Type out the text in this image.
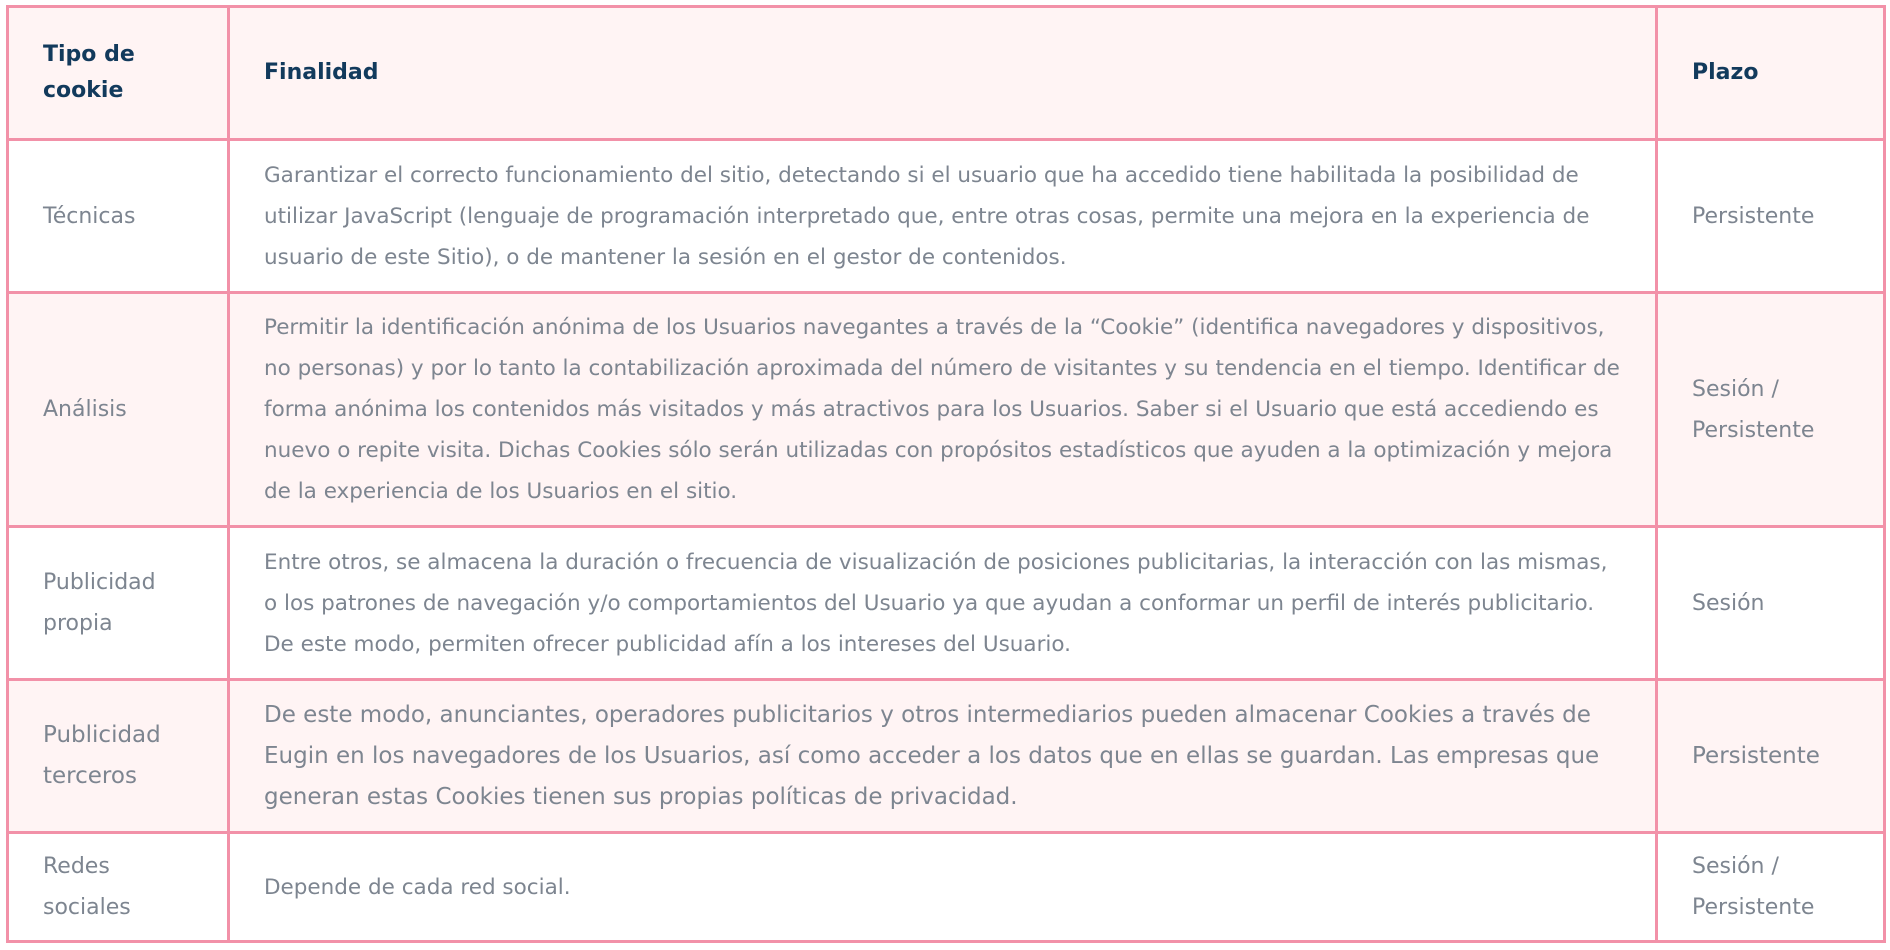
Tipo de cookie	Finalidad	Plazo
Técnicas	Garantizar el correcto funcionamiento del sitio, detectando si el usuario que ha accedido tiene habilitada la posibilidad de utilizar JavaScript (lenguaje de programación interpretado que, entre otras cosas, permite una mejora en la experiencia de usuario de este Sitio), o de mantener la sesión en el gestor de contenidos.	Persistente
Análisis	Permitir la identificación anónima de los Usuarios navegantes a través de la “Cookie” (identifica navegadores y dispositivos, no personas) y por lo tanto la contabilización aproximada del número de visitantes y su tendencia en el tiempo. Identificar de forma anónima los contenidos más visitados y más atractivos para los Usuarios. Saber si el Usuario que está accediendo es nuevo o repite visita. Dichas Cookies sólo serán utilizadas con propósitos estadísticos que ayuden a la optimización y mejora de la experiencia de los Usuarios en el sitio.	Sesión / Persistente
Publicidad propia	Entre otros, se almacena la duración o frecuencia de visualización de posiciones publicitarias, la interacción con las mismas, o los patrones de navegación y/o comportamientos del Usuario ya que ayudan a conformar un perfil de interés publicitario. De este modo, permiten ofrecer publicidad afín a los intereses del Usuario.	Sesión
Publicidad terceros	De este modo, anunciantes, operadores publicitarios y otros intermediarios pueden almacenar Cookies a través de Eugin en los navegadores de los Usuarios, así como acceder a los datos que en ellas se guardan. Las empresas que generan estas Cookies tienen sus propias políticas de privacidad.	Persistente
Redes sociales	Depende de cada red social.	Sesión / Persistente
